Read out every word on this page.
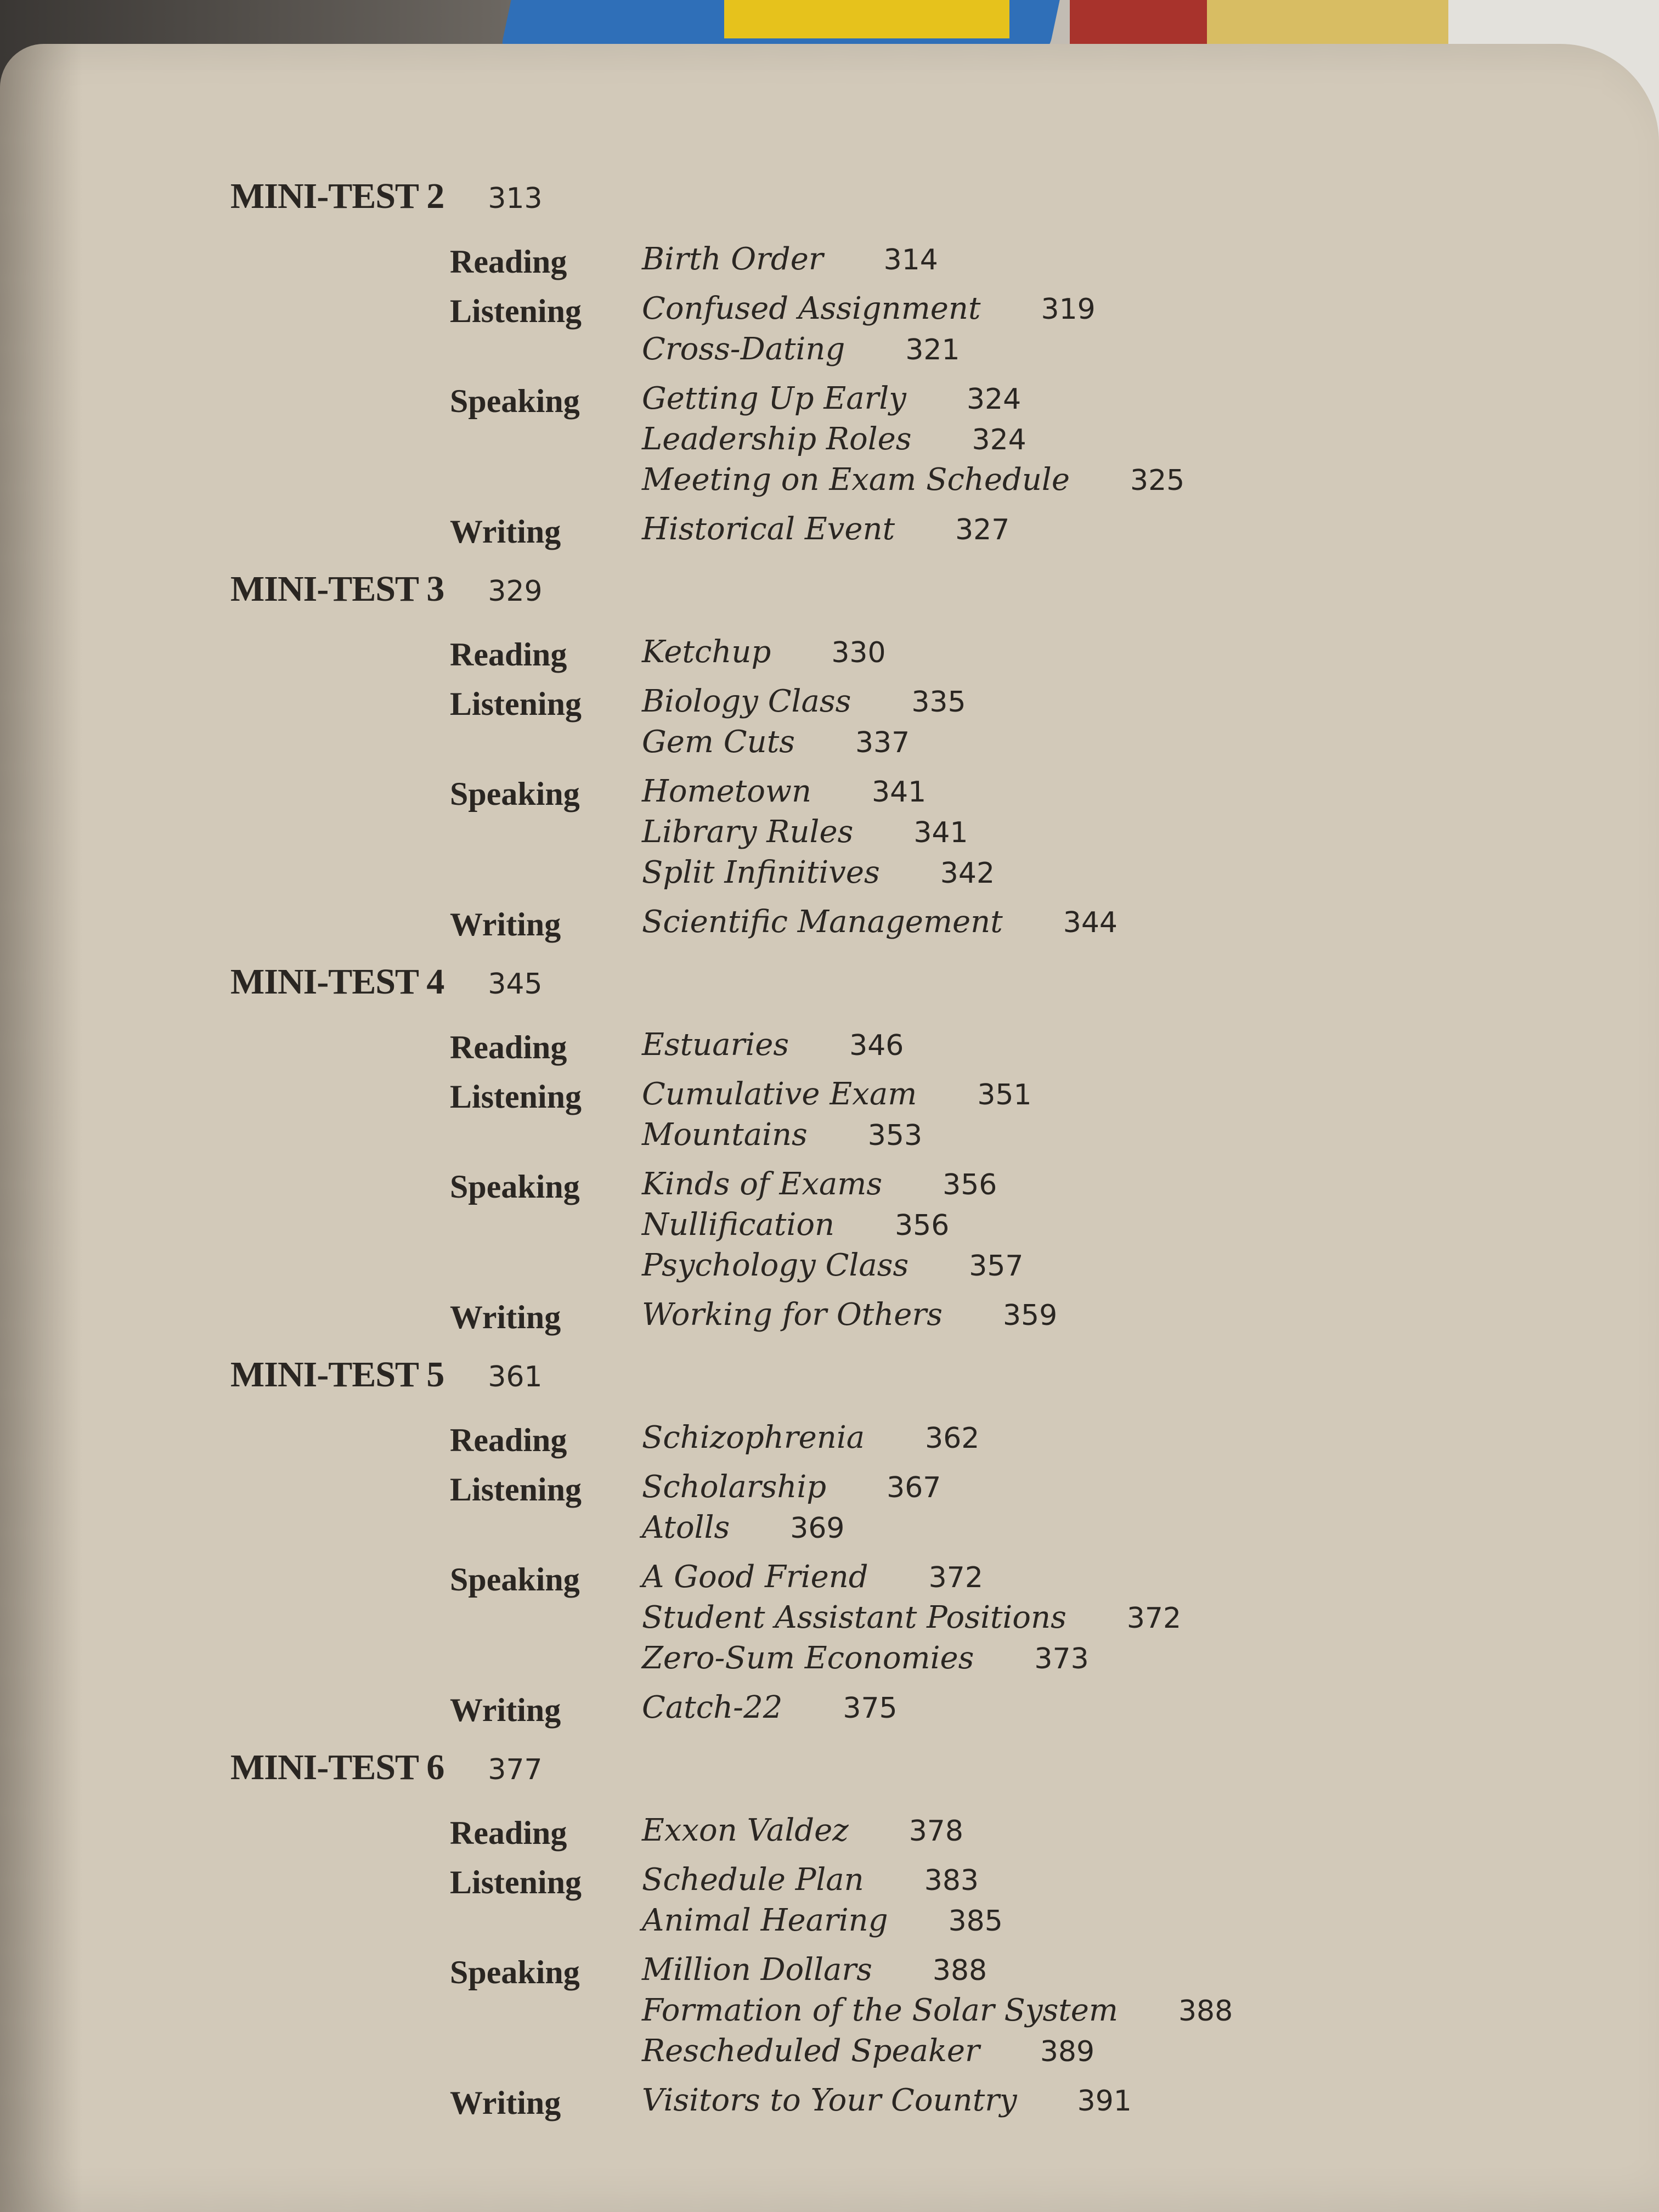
MINI-TEST 2 313
Reading	Birth Order 314
Listening	Confused Assignment 319
Cross-Dating 321
Speaking	Getting Up Early 324
Leadership Roles 324
Meeting on Exam Schedule 325
Writing	Historical Event 327
MINI-TEST 3 329
Reading	Ketchup 330
Listening	Biology Class 335
Gem Cuts 337
Speaking	Hometown 341
Library Rules 341
Split Infinitives 342
Writing	Scientific Management 344
MINI-TEST 4 345
Reading	Estuaries 346
Listening	Cumulative Exam 351
Mountains 353
Speaking	Kinds of Exams 356
Nullification 356
Psychology Class 357
Writing	Working for Others 359
MINI-TEST 5 361
Reading	Schizophrenia 362
Listening	Scholarship 367
Atolls 369
Speaking	A Good Friend 372
Student Assistant Positions 372
Zero-Sum Economies 373
Writing	Catch-22 375
MINI-TEST 6 377
Reading	Exxon Valdez 378
Listening	Schedule Plan 383
Animal Hearing 385
Speaking	Million Dollars 388
Formation of the Solar System 388
Rescheduled Speaker 389
Writing	Visitors to Your Country 391
